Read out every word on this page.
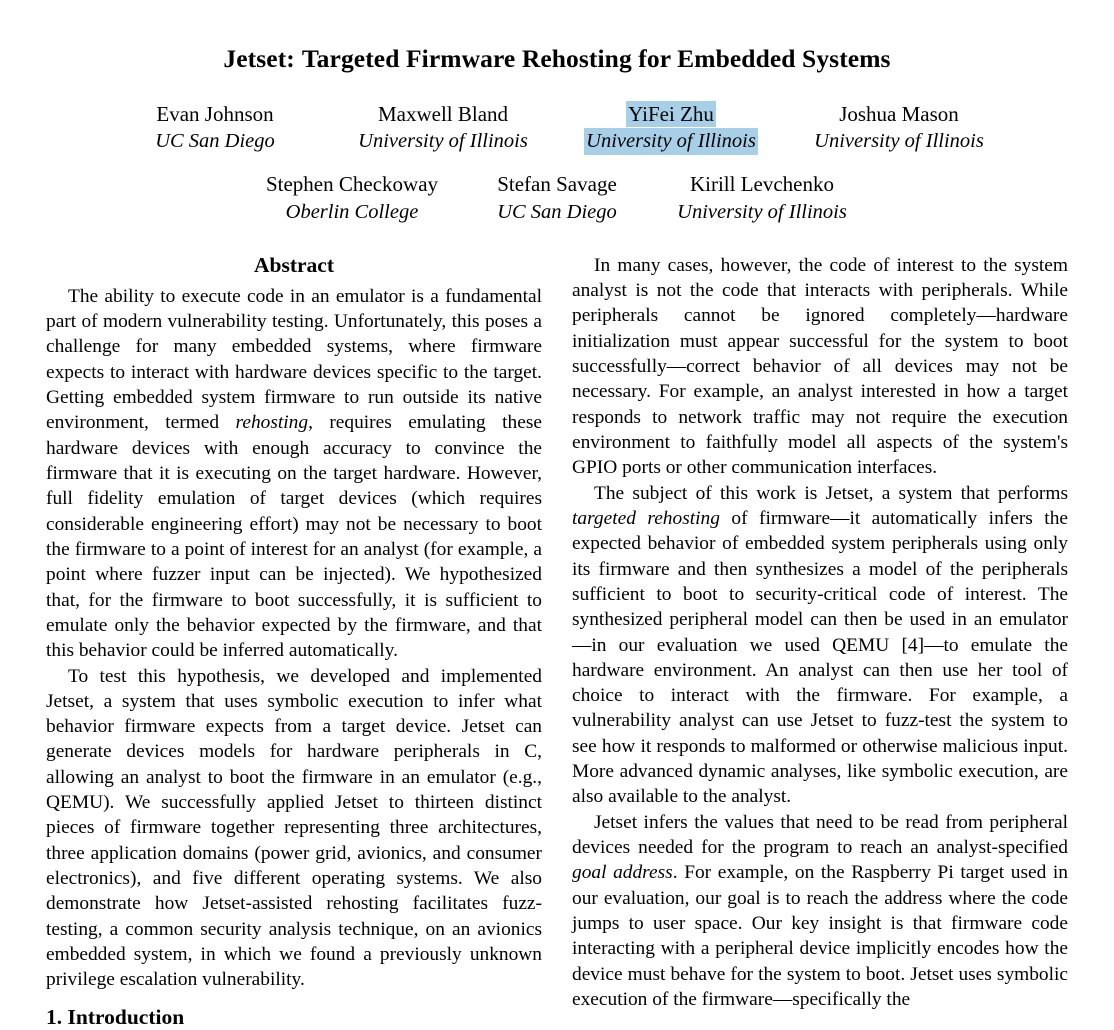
Jetset: Targeted Firmware Rehosting for Embedded Systems
Evan Johnson
UC San Diego
Maxwell Bland
University of Illinois
YiFei Zhu
University of Illinois
Joshua Mason
University of Illinois
Stephen Checkoway
Oberlin College
Stefan Savage
UC San Diego
Kirill Levchenko
University of Illinois
Abstract

The ability to execute code in an emulator is a fundamental part of modern vulnerability testing. Unfortunately, this poses a challenge for many embedded systems, where firmware expects to interact with hardware devices specific to the target. Getting embedded system firmware to run outside its native environment, termed rehosting, requires emulating these hardware devices with enough accuracy to convince the firmware that it is executing on the target hardware. However, full fidelity emulation of target devices (which requires considerable engineering effort) may not be necessary to boot the firmware to a point of interest for an analyst (for example, a point where fuzzer input can be injected). We hypothesized that, for the firmware to boot successfully, it is sufficient to emulate only the behavior expected by the firmware, and that this behavior could be inferred automatically.

To test this hypothesis, we developed and implemented Jetset, a system that uses symbolic execution to infer what behavior firmware expects from a target device. Jetset can generate devices models for hardware peripherals in C, allowing an analyst to boot the firmware in an emulator (e.g., QEMU). We successfully applied Jetset to thirteen distinct pieces of firmware together representing three architectures, three application domains (power grid, avionics, and consumer electronics), and five different operating systems. We also demonstrate how Jetset-assisted rehosting facilitates fuzz-testing, a common security analysis technique, on an avionics embedded system, in which we found a previously unknown privilege escalation vulnerability.

1. Introduction

In many cases, however, the code of interest to the system analyst is not the code that interacts with peripherals. While peripherals cannot be ignored completely—hardware initialization must appear successful for the system to boot successfully—correct behavior of all devices may not be necessary. For example, an analyst interested in how a target responds to network traffic may not require the execution environment to faithfully model all aspects of the system's GPIO ports or other communication interfaces.

The subject of this work is Jetset, a system that performs targeted rehosting of firmware—it automatically infers the expected behavior of embedded system peripherals using only its firmware and then synthesizes a model of the peripherals sufficient to boot to security-critical code of interest. The synthesized peripheral model can then be used in an emulator—in our evaluation we used QEMU [4]—to emulate the hardware environment. An analyst can then use her tool of choice to interact with the firmware. For example, a vulnerability analyst can use Jetset to fuzz-test the system to see how it responds to malformed or otherwise malicious input. More advanced dynamic analyses, like symbolic execution, are also available to the analyst.

Jetset infers the values that need to be read from peripheral devices needed for the program to reach an analyst-specified goal address. For example, on the Raspberry Pi target used in our evaluation, our goal is to reach the address where the code jumps to user space. Our key insight is that firmware code interacting with a peripheral device implicitly encodes how the device must behave for the system to boot. Jetset uses symbolic execution of the firmware—specifically the
